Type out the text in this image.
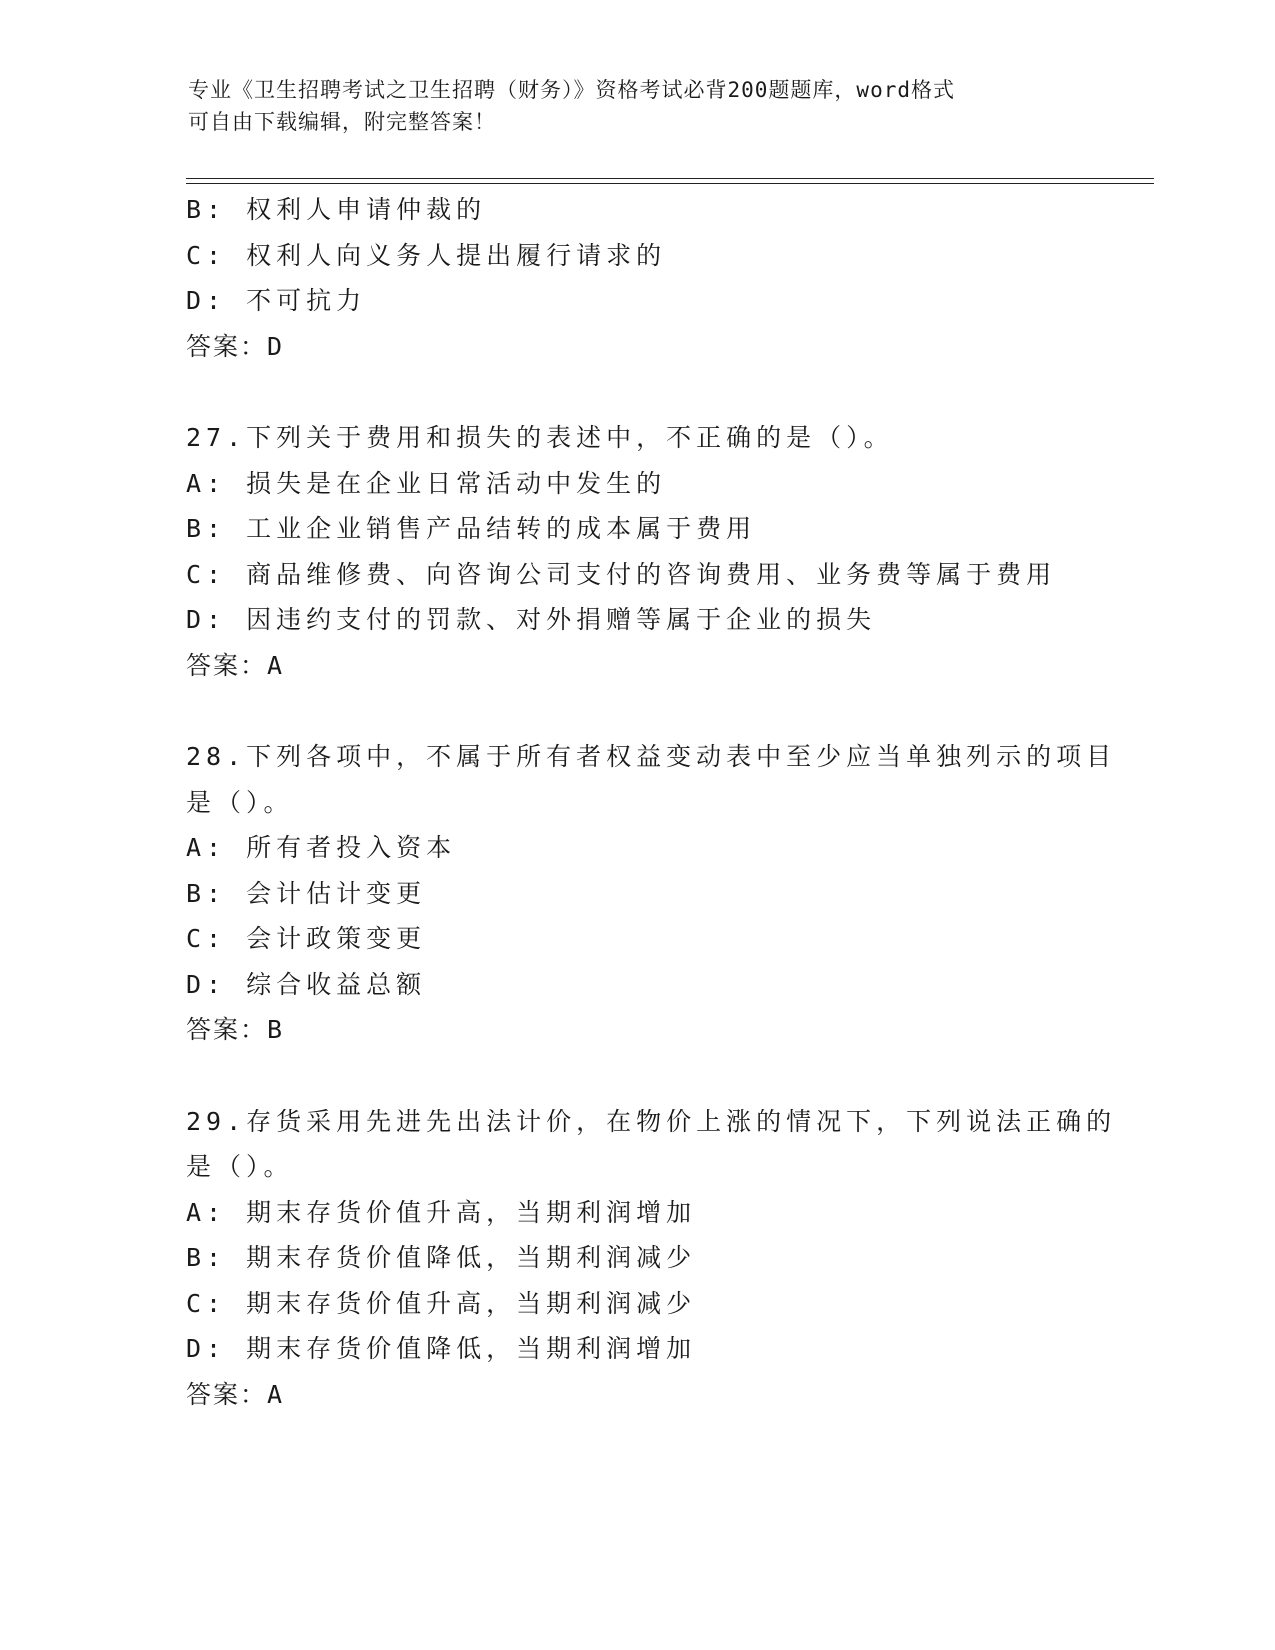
专业《卫生招聘考试之卫生招聘（财务）》资格考试必背200题题库，word格式
可自由下载编辑，附完整答案！
B: 权利人申请仲裁的
C: 权利人向义务人提出履行请求的
D: 不可抗力
答案：D
27.下列关于费用和损失的表述中，不正确的是（）。
A: 损失是在企业日常活动中发生的
B: 工业企业销售产品结转的成本属于费用
C: 商品维修费、向咨询公司支付的咨询费用、业务费等属于费用
D: 因违约支付的罚款、对外捐赠等属于企业的损失
答案：A
28.下列各项中，不属于所有者权益变动表中至少应当单独列示的项目
是（）。
A: 所有者投入资本
B: 会计估计变更
C: 会计政策变更
D: 综合收益总额
答案：B
29.存货采用先进先出法计价，在物价上涨的情况下，下列说法正确的
是（）。
A: 期末存货价值升高，当期利润增加
B: 期末存货价值降低，当期利润减少
C: 期末存货价值升高，当期利润减少
D: 期末存货价值降低，当期利润增加
答案：A
